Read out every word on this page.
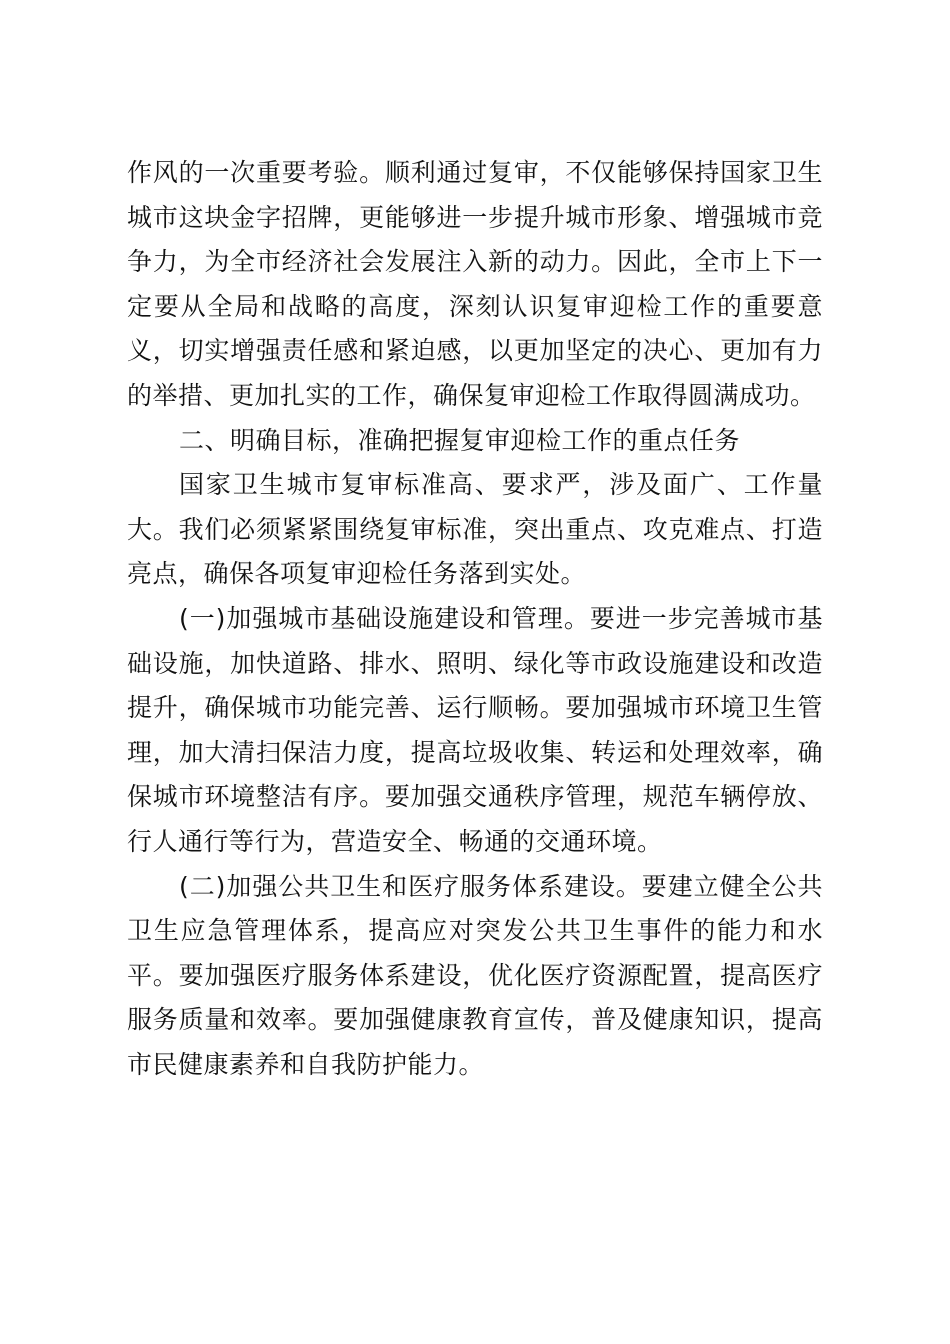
作风的一次重要考验。顺利通过复审，不仅能够保持国家卫生城市这块金字招牌，更能够进一步提升城市形象、增强城市竞争力，为全市经济社会发展注入新的动力。因此，全市上下一定要从全局和战略的高度，深刻认识复审迎检工作的重要意义，切实增强责任感和紧迫感，以更加坚定的决心、更加有力的举措、更加扎实的工作，确保复审迎检工作取得圆满成功。

二、明确目标，准确把握复审迎检工作的重点任务

国家卫生城市复审标准高、要求严，涉及面广、工作量大。我们必须紧紧围绕复审标准，突出重点、攻克难点、打造亮点，确保各项复审迎检任务落到实处。

(一)加强城市基础设施建设和管理。要进一步完善城市基础设施，加快道路、排水、照明、绿化等市政设施建设和改造提升，确保城市功能完善、运行顺畅。要加强城市环境卫生管理，加大清扫保洁力度，提高垃圾收集、转运和处理效率，确保城市环境整洁有序。要加强交通秩序管理，规范车辆停放、行人通行等行为，营造安全、畅通的交通环境。

(二)加强公共卫生和医疗服务体系建设。要建立健全公共卫生应急管理体系，提高应对突发公共卫生事件的能力和水平。要加强医疗服务体系建设，优化医疗资源配置，提高医疗服务质量和效率。要加强健康教育宣传，普及健康知识，提高市民健康素养和自我防护能力。
